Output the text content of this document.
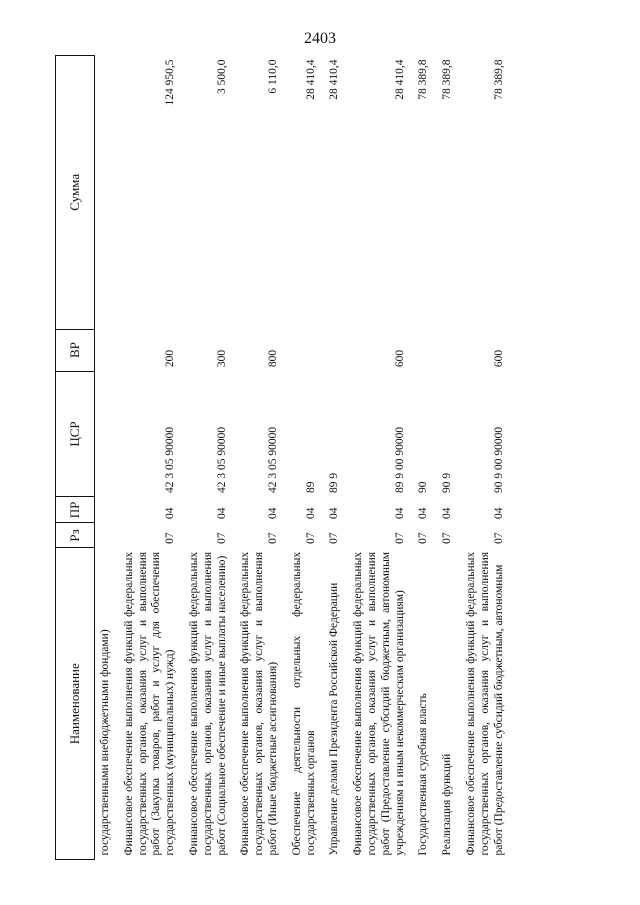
2403
Наименование	Рз	ПР	ЦСР	ВР	Сумма
государственными внебюджетными фондами)					
Финансовое обеспечение выполнения функций федеральных государственных органов, оказания услуг и выполнения работ (Закупка товаров, работ и услуг для обеспечения государственных (муниципальных) нужд)	07	04	42 3 05 90000	200	124 950,5
Финансовое обеспечение выполнения функций федеральных государственных органов, оказания услуг и выполнения работ (Социальное обеспечение и иные выплаты населению)	07	04	42 3 05 90000	300	3 500,0
Финансовое обеспечение выполнения функций федеральных государственных органов, оказания услуг и выполнения работ (Иные бюджетные ассигнования)	07	04	42 3 05 90000	800	6 110,0
Обеспечение деятельности отдельных федеральных государственных органов	07	04	89		28 410,4
Управление делами Президента Российской Федерации	07	04	89 9		28 410,4
Финансовое обеспечение выполнения функций федеральных государственных органов, оказания услуг и выполнения работ (Предоставление субсидий бюджетным, автономным учреждениям и иным некоммерческим организациям)	07	04	89 9 00 90000	600	28 410,4
Государственная судебная власть	07	04	90		78 389,8
Реализация функций	07	04	90 9		78 389,8
Финансовое обеспечение выполнения функций федеральных государственных органов, оказания услуг и выполнения работ (Предоставление субсидий бюджетным, автономным	07	04	90 9 00 90000	600	78 389,8
